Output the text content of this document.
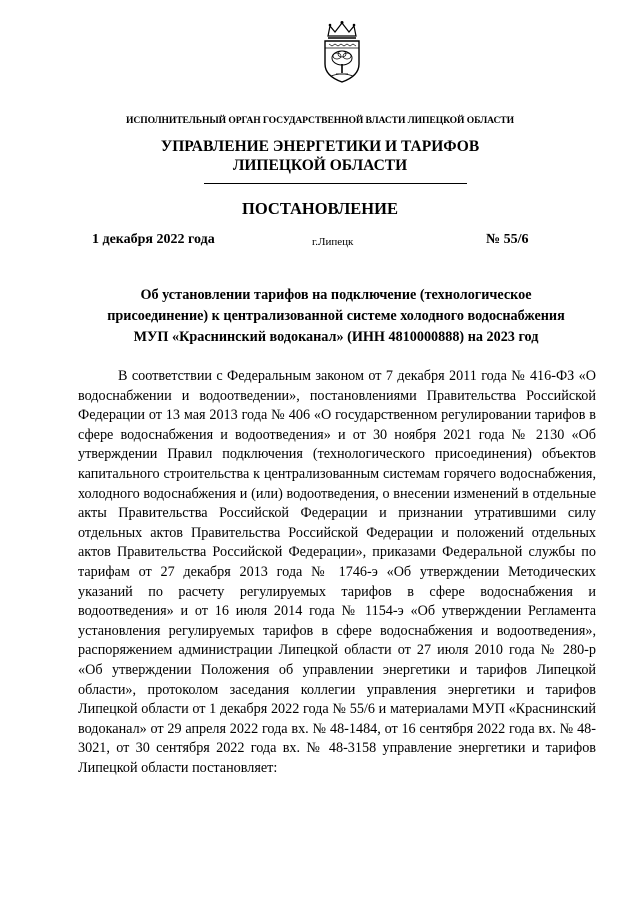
ИСПОЛНИТЕЛЬНЫЙ ОРГАН ГОСУДАРСТВЕННОЙ ВЛАСТИ ЛИПЕЦКОЙ ОБЛАСТИ
УПРАВЛЕНИЕ ЭНЕРГЕТИКИ И ТАРИФОВ
ЛИПЕЦКОЙ ОБЛАСТИ
ПОСТАНОВЛЕНИЕ
1 декабря 2022 года	г.Липецк	№ 55/6
Об установлении тарифов на подключение (технологическое
присоединение) к централизованной системе холодного водоснабжения
МУП «Краснинский водоканал» (ИНН 4810000888) на 2023 год

В соответствии с Федеральным законом от 7 декабря 2011 года № 416-ФЗ «О водоснабжении и водоотведении», постановлениями Правительства Российской Федерации от 13 мая 2013 года № 406 «О государственном регулировании тарифов в сфере водоснабжения и водоотведения» и от 30 ноября 2021 года № 2130 «Об утверждении Правил подключения (технологического присоединения) объектов капитального строительства к централизованным системам горячего водоснабжения, холодного водоснабжения и (или) водоотведения, о внесении изменений в отдельные акты Правительства Российской Федерации и признании утратившими силу отдельных актов Правительства Российской Федерации и положений отдельных актов Правительства Российской Федерации», приказами Федеральной службы по тарифам от 27 декабря 2013 года № 1746-э «Об утверждении Методических указаний по расчету регулируемых тарифов в сфере водоснабжения и водоотведения» и от 16 июля 2014 года № 1154-э «Об утверждении Регламента установления регулируемых тарифов в сфере водоснабжения и водоотведения», распоряжением администрации Липецкой области от 27 июля 2010 года № 280-р «Об утверждении Положения об управлении энергетики и тарифов Липецкой области», протоколом заседания коллегии управления энергетики и тарифов Липецкой области от 1 декабря 2022 года № 55/6 и материалами МУП «Краснинский водоканал» от 29 апреля 2022 года вх. № 48-1484, от 16 сентября 2022 года вх. № 48-3021, от 30 сентября 2022 года вх. № 48-3158 управление энергетики и тарифов Липецкой области постановляет:
